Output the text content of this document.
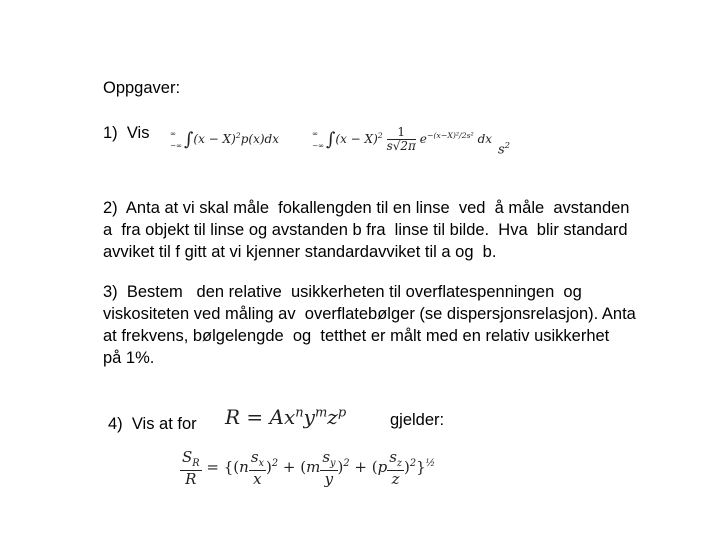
Oppgaver:
1)  Vis	∞
−∞ $\int(x - X)^2p(x)dx$	∞
−∞ $\int(x - X)^2 \frac{1}{s√2\pi} e^{-(x-X)^2/2s^2}$ dx
$s^2$
2)  Anta at vi skal måle  fokallengden til en linse  ved  å måle  avstanden
a  fra objekt til linse og avstanden b fra  linse til bilde.  Hva  blir standard
avviket til f gitt at vi kjenner standardavviket til a og  b.
3)  Bestem   den relative  usikkerheten til overflatespenningen  og
viskositeten ved måling av  overflatebølger (se dispersjonsrelasjon). Anta
at frekvens, bølgelengde  og  tetthet er målt med en relativ usikkerhet
på 1%.
4)  Vis at for $R = Ax^ny^mz^p$	gjelder:
$\frac{S_R}{R} = \{(n \frac{s_x}{x} )^2 + (m \frac{s_y}{y} )^2 + (p \frac{s_z}{z} )^2\}^{\frac{1}{2}}$
